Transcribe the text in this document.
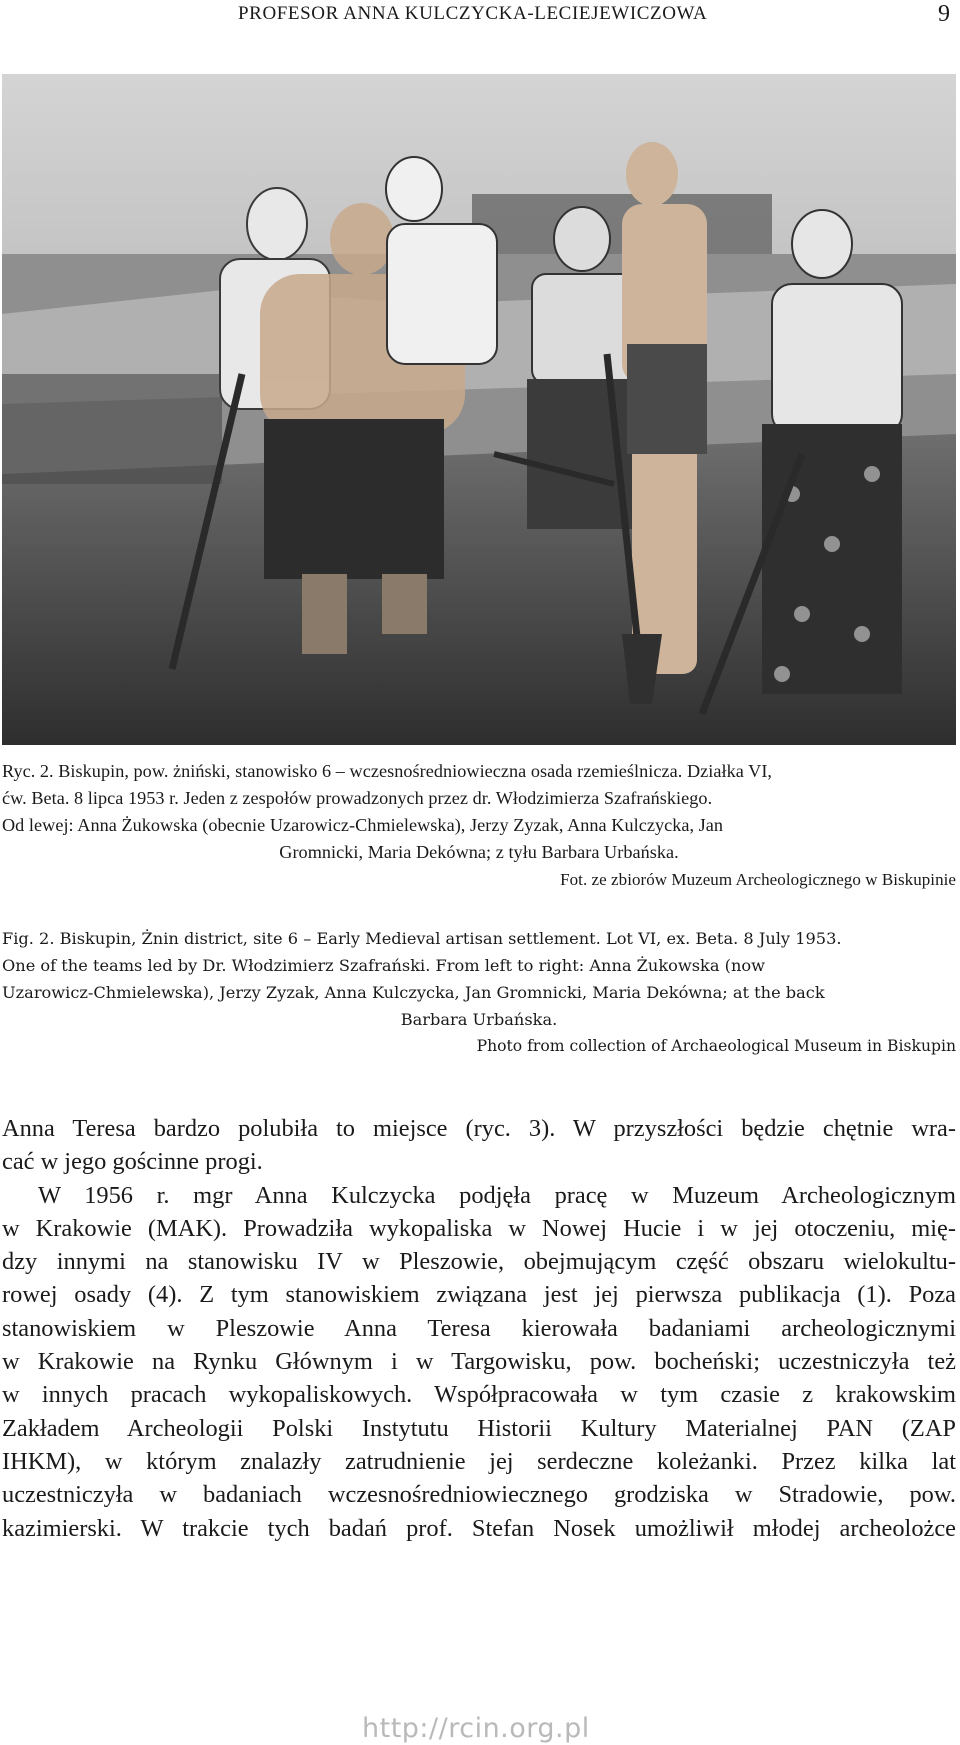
PROFESOR ANNA KULCZYCKA-LECIEJEWICZOWA	9
Ryc. 2. Biskupin, pow. żniński, stanowisko 6 – wczesnośredniowieczna osada rzemieślnicza. Działka VI,
ćw. Beta. 8 lipca 1953 r. Jeden z zespołów prowadzonych przez dr. Włodzimierza Szafrańskiego.
Od lewej: Anna Żukowska (obecnie Uzarowicz-Chmielewska), Jerzy Zyzak, Anna Kulczycka, Jan
Gromnicki, Maria Dekówna; z tyłu Barbara Urbańska.
Fot. ze zbiorów Muzeum Archeologicznego w Biskupinie
Fig. 2. Biskupin, Żnin district, site 6 – Early Medieval artisan settlement. Lot VI, ex. Beta. 8 July 1953.
One of the teams led by Dr. Włodzimierz Szafrański. From left to right: Anna Żukowska (now
Uzarowicz-Chmielewska), Jerzy Zyzak, Anna Kulczycka, Jan Gromnicki, Maria Dekówna; at the back
Barbara Urbańska.
Photo from collection of Archaeological Museum in Biskupin
Anna Teresa bardzo polubiła to miejsce (ryc. 3). W przyszłości będzie chętnie wra-
cać w jego gościnne progi.
W 1956 r. mgr Anna Kulczycka podjęła pracę w Muzeum Archeologicznym
w Krakowie (MAK). Prowadziła wykopaliska w Nowej Hucie i w jej otoczeniu, mię-
dzy innymi na stanowisku IV w Pleszowie, obejmującym część obszaru wielokultu-
rowej osady (4). Z tym stanowiskiem związana jest jej pierwsza publikacja (1). Poza
stanowiskiem w Pleszowie Anna Teresa kierowała badaniami archeologicznymi
w Krakowie na Rynku Głównym i w Targowisku, pow. bocheński; uczestniczyła też
w innych pracach wykopaliskowych. Współpracowała w tym czasie z krakowskim
Zakładem Archeologii Polski Instytutu Historii Kultury Materialnej PAN (ZAP
IHKM), w którym znalazły zatrudnienie jej serdeczne koleżanki. Przez kilka lat
uczestniczyła w badaniach wczesnośredniowiecznego grodziska w Stradowie, pow.
kazimierski. W trakcie tych badań prof. Stefan Nosek umożliwił młodej archeolożce
http://rcin.org.pl
